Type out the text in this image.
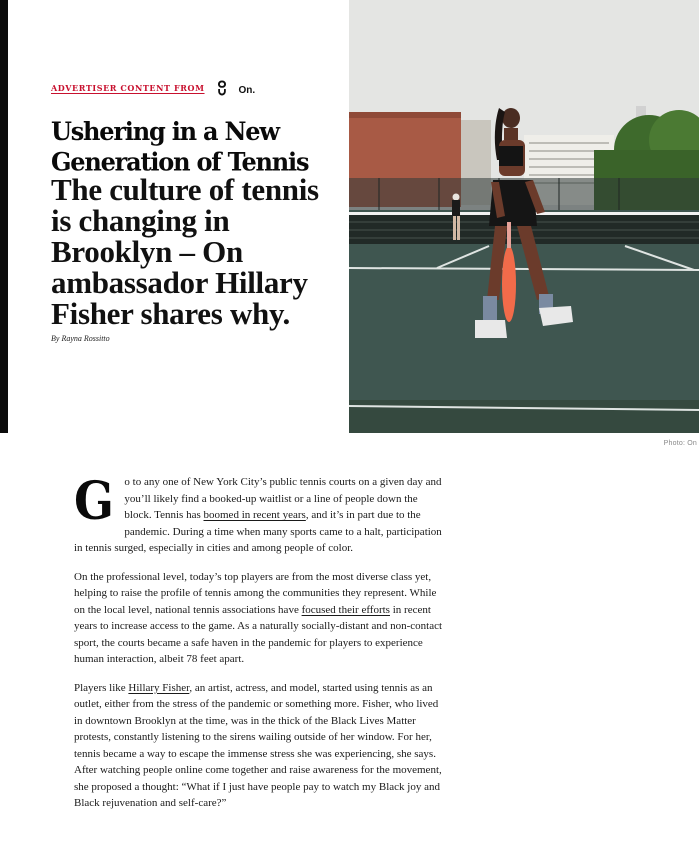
ADVERTISER CONTENT FROM	On.
Ushering in a New Generation of Tennis
The culture of tennis is changing in Brooklyn – On ambassador Hillary Fisher shares why.
By Rayna Rossitto
Photo: On

G o to any one of New York City’s public tennis courts on a given day and you’ll likely find a booked-up waitlist or a line of people down the block. Tennis has boomed in recent years, and it’s in part due to the pandemic. During a time when many sports came to a halt, participation in tennis surged, especially in cities and among people of color.

On the professional level, today’s top players are from the most diverse class yet, helping to raise the profile of tennis among the communities they represent. While on the local level, national tennis associations have focused their efforts in recent years to increase access to the game. As a naturally socially-distant and non-contact sport, the courts became a safe haven in the pandemic for players to experience human interaction, albeit 78 feet apart.

Players like Hillary Fisher, an artist, actress, and model, started using tennis as an outlet, either from the stress of the pandemic or something more. Fisher, who lived in downtown Brooklyn at the time, was in the thick of the Black Lives Matter protests, constantly listening to the sirens wailing outside of her window. For her, tennis became a way to escape the immense stress she was experiencing, she says. After watching people online come together and raise awareness for the movement, she proposed a thought: “What if I just have people pay to watch my Black joy and Black rejuvenation and self-care?”
